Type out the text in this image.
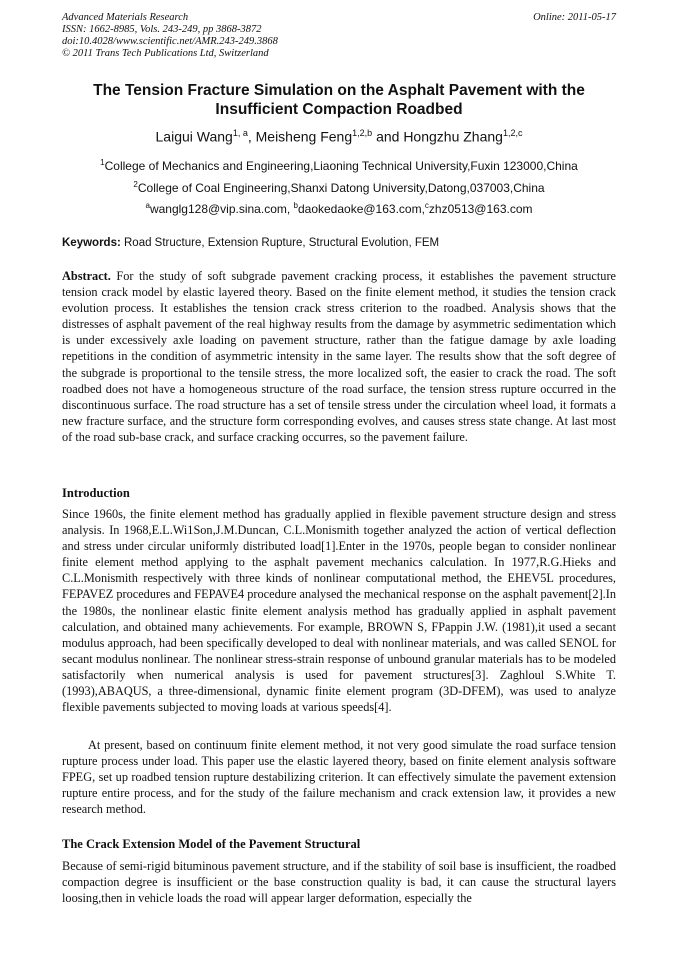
Advanced Materials Research
ISSN: 1662-8985, Vols. 243-249, pp 3868-3872
doi:10.4028/www.scientific.net/AMR.243-249.3868
© 2011 Trans Tech Publications Ltd, Switzerland
Online: 2011-05-17
The Tension Fracture Simulation on the Asphalt Pavement with the Insufficient Compaction Roadbed
Laigui Wang$^{1, a}$, Meisheng Feng$^{1,2,b}$ and Hongzhu Zhang$^{1,2,c}$
$^1$College of Mechanics and Engineering,Liaoning Technical University,Fuxin 123000,China
$^2$College of Coal Engineering,Shanxi Datong University,Datong,037003,China
$^a$wanglg128@vip.sina.com, $^b$daokedaoke@163.com,$^c$zhz0513@163.com
Keywords: Road Structure, Extension Rupture, Structural Evolution, FEM
Abstract. For the study of soft subgrade pavement cracking process, it establishes the pavement structure tension crack model by elastic layered theory. Based on the finite element method, it studies the tension crack evolution process. It establishes the tension crack stress criterion to the roadbed. Analysis shows that the distresses of asphalt pavement of the real highway results from the damage by asymmetric sedimentation which is under excessively axle loading on pavement structure, rather than the fatigue damage by axle loading repetitions in the condition of asymmetric intensity in the same layer. The results show that the soft degree of the subgrade is proportional to the tensile stress, the more localized soft, the easier to crack the road. The soft roadbed does not have a homogeneous structure of the road surface, the tension stress rupture occurred in the discontinuous surface. The road structure has a set of tensile stress under the circulation wheel load, it formats a new fracture surface, and the structure form corresponding evolves, and causes stress state change. At last most of the road sub-base crack, and surface cracking occurres, so the pavement failure.
Introduction
Since 1960s, the finite element method has gradually applied in flexible pavement structure design and stress analysis. In 1968,E.L.Wi1Son,J.M.Duncan, C.L.Monismith together analyzed the action of vertical deflection and stress under circular uniformly distributed load[1].Enter in the 1970s, people began to consider nonlinear finite element method applying to the asphalt pavement mechanics calculation. In 1977,R.G.Hieks and C.L.Monismith respectively with three kinds of nonlinear computational method, the EHEV5L procedures, FEPAVEZ procedures and FEPAVE4 procedure analysed the mechanical response on the asphalt pavement[2].In the 1980s, the nonlinear elastic finite element analysis method has gradually applied in asphalt pavement calculation, and obtained many achievements. For example, BROWN S, FPappin J.W. (1981),it used a secant modulus approach, had been specifically developed to deal with nonlinear materials, and was called SENOL for secant modulus nonlinear. The nonlinear stress-strain response of unbound granular materials has to be modeled satisfactorily when numerical analysis is used for pavement structures[3]. Zaghloul S.White T. (1993),ABAQUS, a three-dimensional, dynamic finite element program (3D-DFEM), was used to analyze flexible pavements subjected to moving loads at various speeds[4].
At present, based on continuum finite element method, it not very good simulate the road surface tension rupture process under load. This paper use the elastic layered theory, based on finite element analysis software FPEG, set up roadbed tension rupture destabilizing criterion. It can effectively simulate the pavement extension rupture entire process, and for the study of the failure mechanism and crack extension law, it provides a new research method.
The Crack Extension Model of the Pavement Structural
Because of semi-rigid bituminous pavement structure, and if the stability of soil base is insufficient, the roadbed compaction degree is insufficient or the base construction quality is bad, it can cause the structural layers loosing,then in vehicle loads the road will appear larger deformation, especially the
